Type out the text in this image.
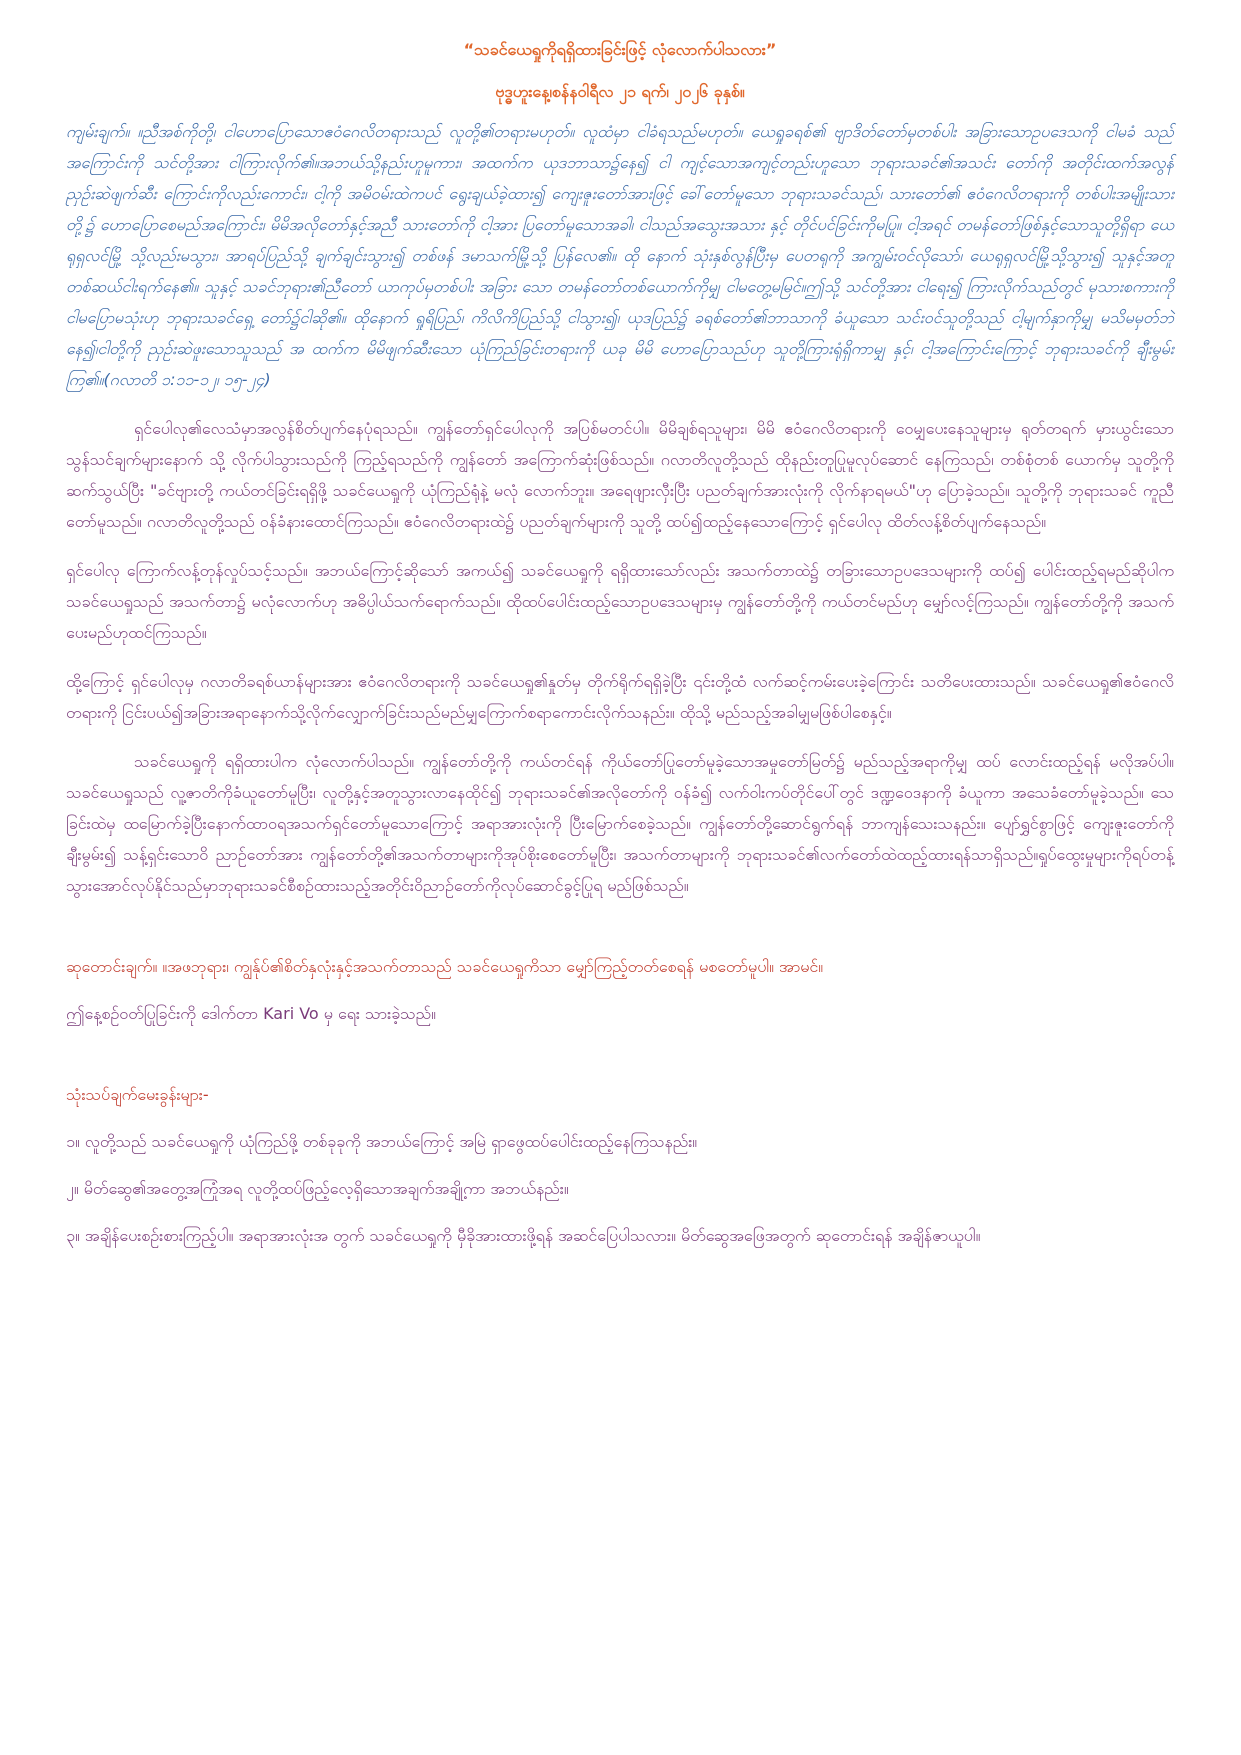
“သခင်ယေရှုကိုရရှိထားခြင်းဖြင့် လုံလောက်ပါသလား”

ဗုဒ္ဓဟူးနေ့၊စန်နဝါရီလ ၂၁ ရက်၊ ၂၀၂၆ ခုနှစ်။

ကျမ်းချက်။ ။ညီအစ်ကိုတို့၊ ငါဟောပြောသောဧဝံဂေလိတရားသည် လူတို့၏တရားမဟုတ်။ လူထံမှာ ငါခံရသည်မဟုတ်။ ယေရှုခရစ်၏ ဗျာဒိတ်တော်မှတစ်ပါး အခြားသောဥပဒေသကို ငါမခံ သည်အကြောင်းကို သင်တို့အား ငါကြားလိုက်၏။အဘယ်သို့နည်းဟူမူကား၊ အထက်က ယုဒဘာသာ၌နေ၍ ငါ ကျင့်သောအကျင့်တည်းဟူသော ဘုရားသခင်၏အသင်း တော်ကို အတိုင်းထက်အလွန် ညှဉ်းဆဲဖျက်ဆီး ကြောင်းကိုလည်းကောင်း၊ ငါ့ကို အမိဝမ်းထဲကပင် ရွေးချယ်ခဲ့ထား၍ ကျေးဇူးတော်အားဖြင့် ခေါ်တော်မူသော ဘုရားသခင်သည်၊ သားတော်၏ ဧဝံဂေလိတရားကို တစ်ပါးအမျိုးသားတို့၌ ဟောပြောစေမည်အကြောင်း၊ မိမိအလိုတော်နှင့်အညီ သားတော်ကို ငါ့အား ပြတော်မူသောအခါ၊ ငါသည်အသွေးအသား နှင့် တိုင်ပင်ခြင်းကိုမပြု။ ငါ့အရင် တမန်တော်ဖြစ်နှင့်သောသူတို့ရှိရာ ယေရုရှလင်မြို့ သို့လည်းမသွား၊ အာရပ်ပြည်သို့ ချက်ချင်းသွား၍ တစ်ဖန် ဒမာသက်မြို့သို့ ပြန်လေ၏။ ထို နောက် သုံးနှစ်လွန်ပြီးမှ ပေတရုကို အကျွမ်းဝင်လိုသော်၊ ယေရုရှလင်မြို့သို့သွား၍ သူနှင့်အတူ တစ်ဆယ်ငါးရက်နေ၏။ သူနှင့် သခင်ဘုရား၏ညီတော် ယာကုပ်မှတစ်ပါး အခြား သော တမန်တော်တစ်ယောက်ကိုမျှ ငါမတွေ့မမြင်။ဤသို့ သင်တို့အား ငါရေး၍ ကြားလိုက်သည်တွင် မုသားစကားကို ငါမပြောမသုံးဟု ဘုရားသခင်ရှေ့ တော်၌ငါဆို၏။ ထိုနောက် ရှုရိပြည်၊ ကိလိကိပြည်သို့ ငါသွား၍၊ ယုဒပြည်၌ ခရစ်တော်၏ဘာသာကို ခံယူသော သင်းဝင်သူတို့သည် ငါ့မျက်နှာကိုမျှ မသိမမှတ်ဘဲနေ၍၊ငါတို့ကို ညှဉ်းဆဲဖူးသောသူသည် အ ထက်က မိမိဖျက်ဆီးသော ယုံကြည်ခြင်းတရားကို ယခု မိမိ ဟောပြောသည်ဟု သူတို့ကြားရုံရှိကာမျှ နှင့်၊ ငါ့အကြောင်းကြောင့် ဘုရားသခင်ကို ချီးမွမ်းကြ၏။(ဂလာတိ ၁:၁၁-၁၂၊ ၁၅-၂၄)
ရှင်ပေါလု၏လေသံမှာအလွန်စိတ်ပျက်နေပုံရသည်။ ကျွန်တော်ရှင်ပေါလုကို အပြစ်မတင်ပါ။ မိမိချစ်ရသူများ၊ မိမိ ဧဝံဂေလိတရားကို ဝေမျှပေးနေသူများမှ ရုတ်တရက် မှားယွင်းသောသွန်သင်ချက်များနောက် သို့ လိုက်ပါသွားသည်ကို ကြည့်ရသည်ကို ကျွန်တော် အကြောက်ဆုံးဖြစ်သည်။ ဂလာတိလူတို့သည် ထိုနည်းတူပြုမူလုပ်ဆောင် နေကြသည်၊ တစ်စုံတစ် ယောက်မှ သူတို့ကို ဆက်သွယ်ပြီး "ခင်ဗျားတို့ ကယ်တင်ခြင်းရရှိဖို့ သခင်ယေရှုကို ယုံကြည်ရုံနဲ့ မလုံ လောက်ဘူး။ အရေဖျားလှီးပြီး ပညတ်ချက်အားလုံးကို လိုက်နာရမယ်"ဟု ပြောခဲ့သည်။ သူတို့ကို ဘုရားသခင် ကူညီတော်မူသည်။ ဂလာတိလူတို့သည် ဝန်ခံနားထောင်ကြသည်။ ဧဝံဂေလိတရားထဲ၌ ပညတ်ချက်များကို သူတို့ ထပ်၍ထည့်နေသောကြောင့် ရှင်ပေါလု ထိတ်လန့်စိတ်ပျက်နေသည်။
ရှင်ပေါလု ကြောက်လန့်တုန်လှုပ်သင့်သည်။ အဘယ်ကြောင့်ဆိုသော် အကယ်၍ သခင်ယေရှုကို ရရှိထားသော်လည်း အသက်တာထဲ၌ တခြားသောဥပဒေသများကို ထပ်၍ ပေါင်းထည့်ရမည်ဆိုပါက သခင်ယေရှုသည် အသက်တာ၌ မလုံလောက်ဟု အဓိပ္ပါယ်သက်ရောက်သည်။ ထိုထပ်ပေါင်းထည့်သောဥပဒေသများမှ ကျွန်တော်တို့ကို ကယ်တင်မည်ဟု မျှော်လင့်ကြသည်။ ကျွန်တော်တို့ကို အသက်ပေးမည်ဟုထင်ကြသည်။
ထို့ကြောင့် ရှင်ပေါလုမှ ဂလာတိခရစ်ယာန်များအား ဧဝံဂေလိတရားကို သခင်ယေရှု၏နှုတ်မှ တိုက်ရိုက်ရရှိခဲ့ပြီး ၎င်းတို့ထံ လက်ဆင့်ကမ်းပေးခဲ့ကြောင်း သတိပေးထားသည်။ သခင်ယေရှု၏ဧဝံဂေလိတရားကို ငြင်းပယ်၍အခြားအရာနောက်သို့လိုက်လျှောက်ခြင်းသည်မည်မျှကြောက်စရာကောင်းလိုက်သနည်း။ ထိုသို့ မည်သည့်အခါမျှမဖြစ်ပါစေနှင့်။
သခင်ယေရှုကို ရရှိထားပါက လုံလောက်ပါသည်။ ကျွန်တော်တို့ကို ကယ်တင်ရန် ကိုယ်တော်ပြုတော်မူခဲ့သောအမှုတော်မြတ်၌ မည်သည့်အရာကိုမျှ ထပ် လောင်းထည့်ရန် မလိုအပ်ပါ။ သခင်ယေရှုသည် လူ့ဇာတိကိုခံယူတော်မူပြီး၊ လူတို့နှင့်အတူသွားလာနေထိုင်၍ ဘုရားသခင်၏အလိုတော်ကို ဝန်ခံ၍ လက်ဝါးကပ်တိုင်ပေါ်တွင် ဒဏ္ဍဝေဒနာကို ခံယူကာ အသေခံတော်မူခဲ့သည်။ သေခြင်းထဲမှ ထမြောက်ခဲ့ပြီးနောက်ထာဝရအသက်ရှင်တော်မူသောကြောင့် အရာအားလုံးကို ပြီးမြောက်စေခဲ့သည်။ ကျွန်တော်တို့ဆောင်ရွက်ရန် ဘာကျန်သေးသနည်း။ ပျော်ရွှင်စွာဖြင့် ကျေးဇူးတော်ကိုချီးမွမ်း၍ သန့်ရှင်းသောဝိ ညာဉ်တော်အား ကျွန်တော်တို့၏အသက်တာများကိုအုပ်စိုးစေတော်မူပြီး၊ အသက်တာများကို ဘုရားသခင်၏လက်တော်ထဲထည့်ထားရန်သာရှိသည်။ရှုပ်ထွေးမှုများကိုရပ်တန့်သွားအောင်လုပ်နိုင်သည်မှာဘုရားသခင်စီစဉ်ထားသည့်အတိုင်းဝိညာဉ်တော်ကိုလုပ်ဆောင်ခွင့်ပြုရ မည်ဖြစ်သည်။
ဆုတောင်းချက်။ ။အဖဘုရား၊ ကျွန်ုပ်၏စိတ်နှလုံးနှင့်အသက်တာသည် သခင်ယေရှုကိသာ မျှော်ကြည့်တတ်စေရန် မစတော်မူပါ။ အာမင်။
ဤနေ့စဉ်ဝတ်ပြုခြင်းကို ဒေါက်တာ Kari Vo မှ ရေး သားခဲ့သည်။
သုံးသပ်ချက်မေးခွန်းများ-
၁။ လူတို့သည် သခင်ယေရှုကို ယုံကြည်ဖို့ တစ်ခုခုကို အဘယ်ကြောင့် အမြဲ ရှာဖွေထပ်ပေါင်းထည့်နေကြသနည်း။
၂။ မိတ်ဆွေ၏အတွေ့အကြုံအရ လူတို့ထပ်ဖြည့်လေ့ရှိသောအချက်အချို့ကာ အဘယ်နည်း။
၃။ အချိန်ပေးစဉ်းစားကြည့်ပါ။ အရာအားလုံးအ တွက် သခင်ယေရှုကို မှီခိုအားထားဖို့ရန် အဆင်ပြေပါသလား။ မိတ်ဆွေအဖြေအတွက် ဆုတောင်းရန် အချိန်ဇာယူပါ။
